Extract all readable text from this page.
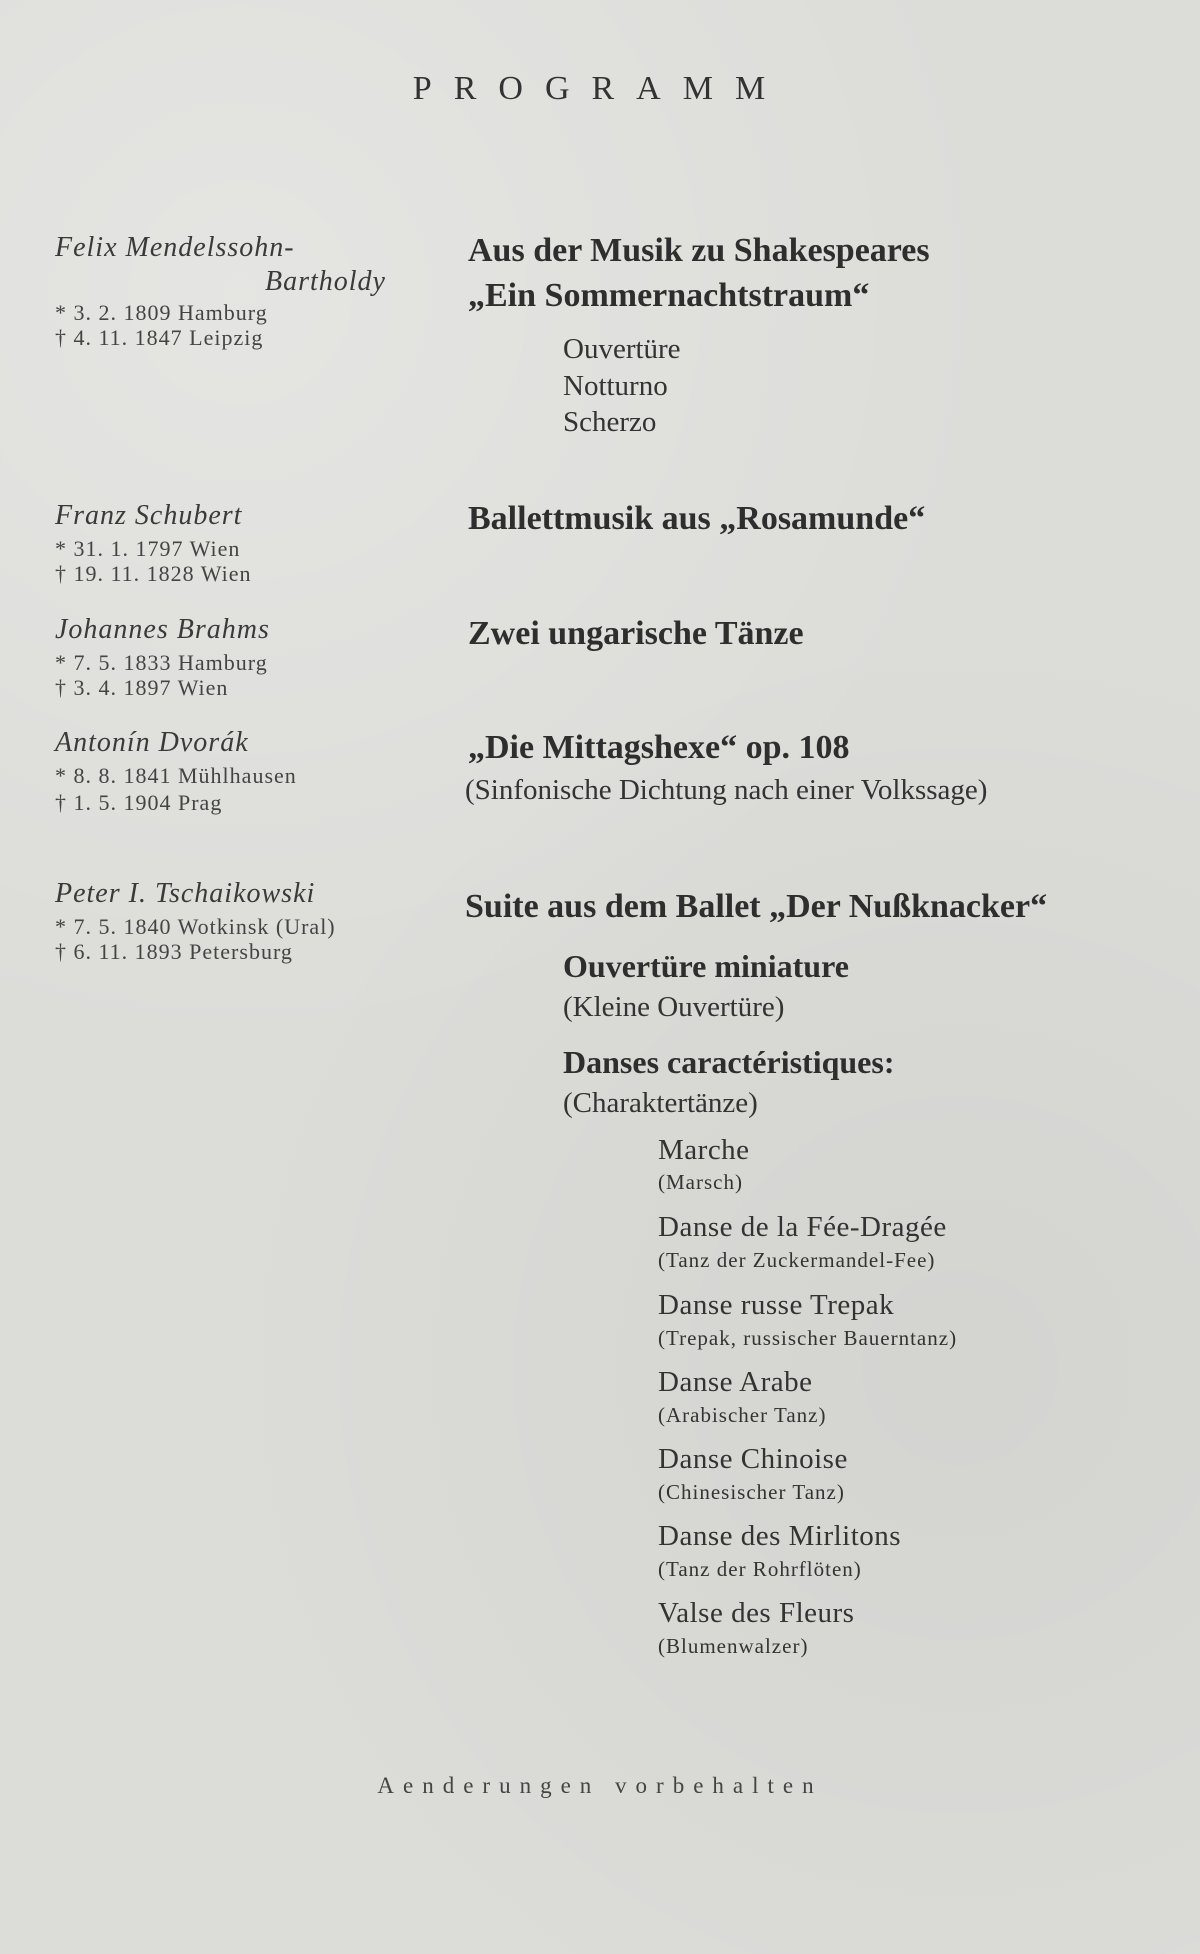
PROGRAMM
Felix Mendelssohn-
Bartholdy
* 3. 2. 1809 Hamburg
† 4. 11. 1847 Leipzig
Franz Schubert
* 31. 1. 1797 Wien
† 19. 11. 1828 Wien
Johannes Brahms
* 7. 5. 1833 Hamburg
† 3. 4. 1897 Wien
Antonín Dvorák
* 8. 8. 1841 Mühlhausen
† 1. 5. 1904 Prag
Peter I. Tschaikowski
* 7. 5. 1840 Wotkinsk (Ural)
† 6. 11. 1893 Petersburg
Aus der Musik zu Shakespeares
„Ein Sommernachtstraum“
Ouvertüre
Notturno
Scherzo
Ballettmusik aus „Rosamunde“
Zwei ungarische Tänze
„Die Mittagshexe“ op. 108
(Sinfonische Dichtung nach einer Volkssage)
Suite aus dem Ballet „Der Nußknacker“
Ouvertüre miniature
(Kleine Ouvertüre)
Danses caractéristiques:
(Charaktertänze)
Marche
(Marsch)
Danse de la Fée-Dragée
(Tanz der Zuckermandel-Fee)
Danse russe Trepak
(Trepak, russischer Bauerntanz)
Danse Arabe
(Arabischer Tanz)
Danse Chinoise
(Chinesischer Tanz)
Danse des Mirlitons
(Tanz der Rohrflöten)
Valse des Fleurs
(Blumenwalzer)
Aenderungen vorbehalten
